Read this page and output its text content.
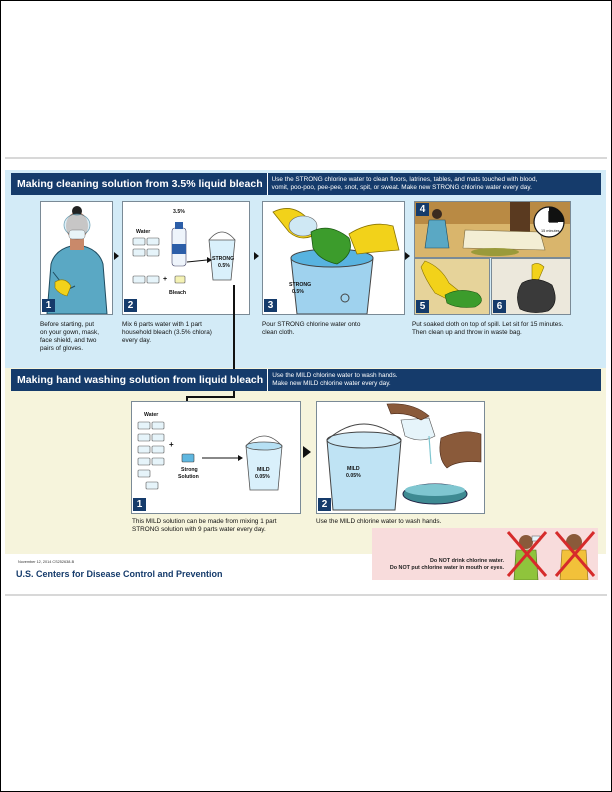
Making cleaning solution from 3.5% liquid bleach Use the STRONG chlorine water to clean floors, latrines, tables, and mats touched with blood,
vomit, poo-poo, pee-pee, snot, spit, or sweat. Make new STRONG chlorine water every day.
1
Water
3.5%
+
Bleach
STRONG
0.5%
2
STRONG
0.5%
3
15 minutes
4
5	6
Before starting, put
on your gown, mask,
face shield, and two
pairs of gloves.
Mix 6 parts water with 1 part
household bleach (3.5% chlora)
every day.
Pour STRONG chlorine water onto
clean cloth.
Put soaked cloth on top of spill. Let sit for 15 minutes.
Then clean up and throw in waste bag.
Making hand washing solution from liquid bleach Use the MILD chlorine water to wash hands.
Make new MILD chlorine water every day.
Water
+
Strong
Solution
MILD
0.05%
1
MILD
0.05%
2
This MILD solution can be made from mixing 1 part
STRONG solution with 9 parts water every day.
Use the MILD chlorine water to wash hands.
Do NOT drink chlorine water.
Do NOT put chlorine water in mouth or eyes.
November 12, 2014 CS252638-B
U.S. Centers for Disease Control and Prevention
